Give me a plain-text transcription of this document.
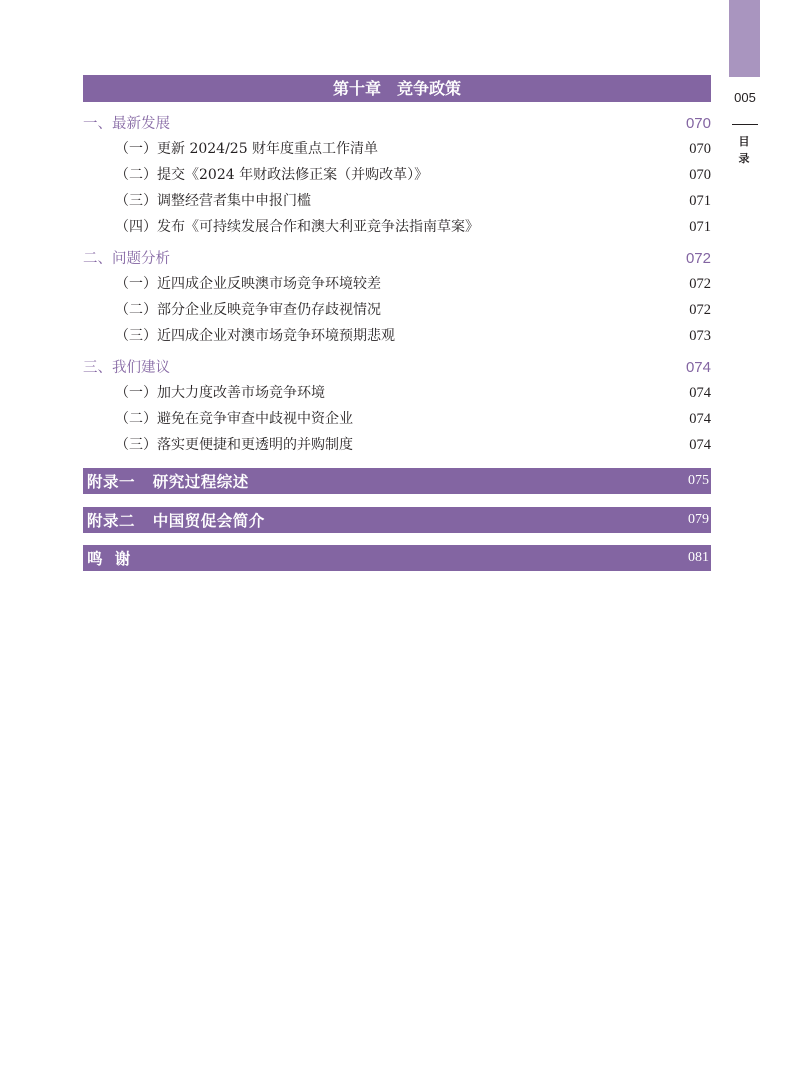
005
目
录
第十章 竞争政策
一、最新发展	070
（一）更新 2024/25 财年度重点工作清单	070
（二）提交《2024 年财政法修正案（并购改革）》	070
（三）调整经营者集中申报门槛	071
（四）发布《可持续发展合作和澳大利亚竞争法指南草案》	071
二、问题分析	072
（一）近四成企业反映澳市场竞争环境较差	072
（二）部分企业反映竞争审查仍存歧视情况	072
（三）近四成企业对澳市场竞争环境预期悲观	073
三、我们建议	074
（一）加大力度改善市场竞争环境	074
（二）避免在竞争审查中歧视中资企业	074
（三）落实更便捷和更透明的并购制度	074
附录一   研究过程综述	075
附录二   中国贸促会简介	079
鸣  谢	081
